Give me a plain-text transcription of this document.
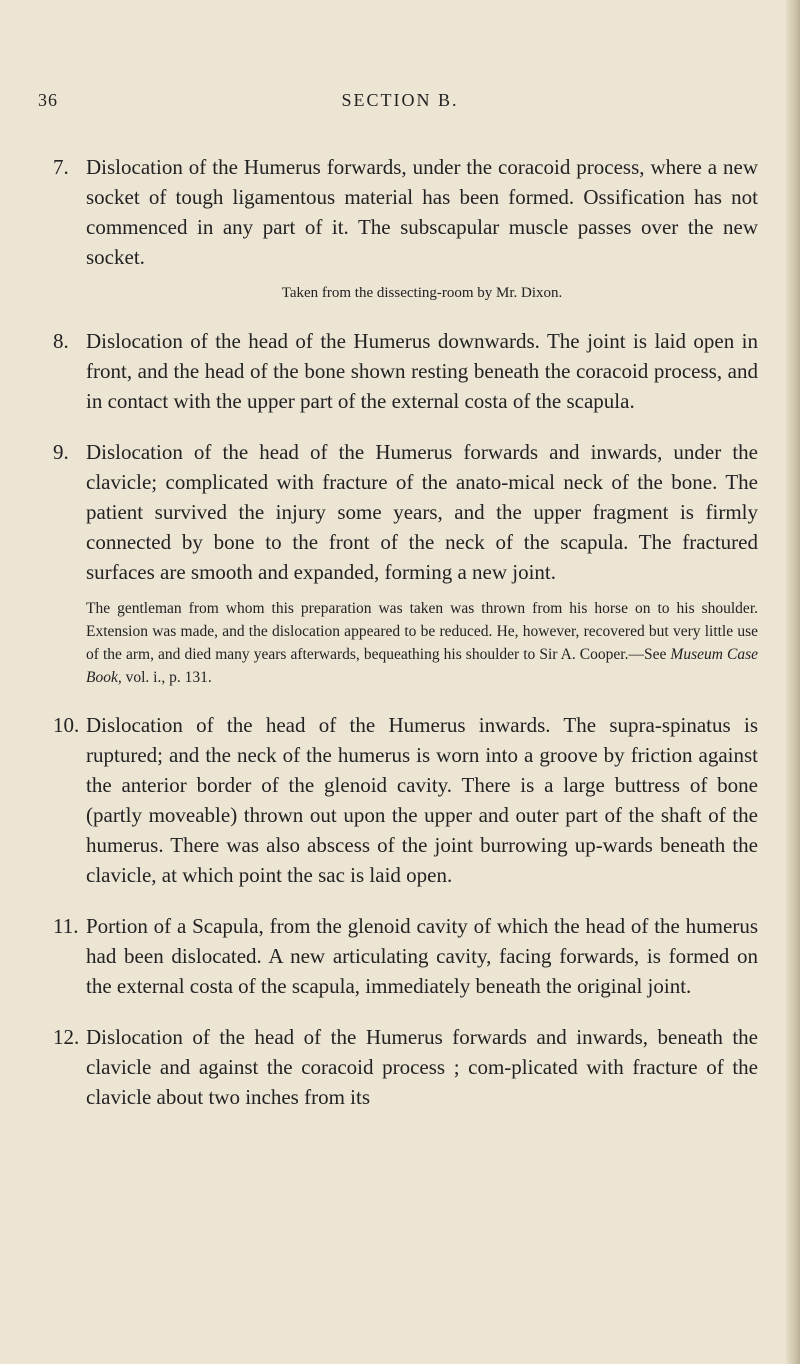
36	SECTION B.
7. Dislocation of the Humerus forwards, under the coracoid process, where a new socket of tough ligamentous material has been formed. Ossification has not commenced in any part of it. The subscapular muscle passes over the new socket.
Taken from the dissecting-room by Mr. Dixon.
8. Dislocation of the head of the Humerus downwards. The joint is laid open in front, and the head of the bone shown resting beneath the coracoid process, and in contact with the upper part of the external costa of the scapula.
9. Dislocation of the head of the Humerus forwards and inwards, under the clavicle; complicated with fracture of the anato-mical neck of the bone. The patient survived the injury some years, and the upper fragment is firmly connected by bone to the front of the neck of the scapula. The fractured surfaces are smooth and expanded, forming a new joint.
The gentleman from whom this preparation was taken was thrown from his horse on to his shoulder. Extension was made, and the dislocation appeared to be reduced. He, however, recovered but very little use of the arm, and died many years afterwards, bequeathing his shoulder to Sir A. Cooper.—See Museum Case Book, vol. i., p. 131.
10. Dislocation of the head of the Humerus inwards. The supra-spinatus is ruptured; and the neck of the humerus is worn into a groove by friction against the anterior border of the glenoid cavity. There is a large buttress of bone (partly moveable) thrown out upon the upper and outer part of the shaft of the humerus. There was also abscess of the joint burrowing up-wards beneath the clavicle, at which point the sac is laid open.
11. Portion of a Scapula, from the glenoid cavity of which the head of the humerus had been dislocated. A new articulating cavity, facing forwards, is formed on the external costa of the scapula, immediately beneath the original joint.
12. Dislocation of the head of the Humerus forwards and inwards, beneath the clavicle and against the coracoid process ; com-plicated with fracture of the clavicle about two inches from its
